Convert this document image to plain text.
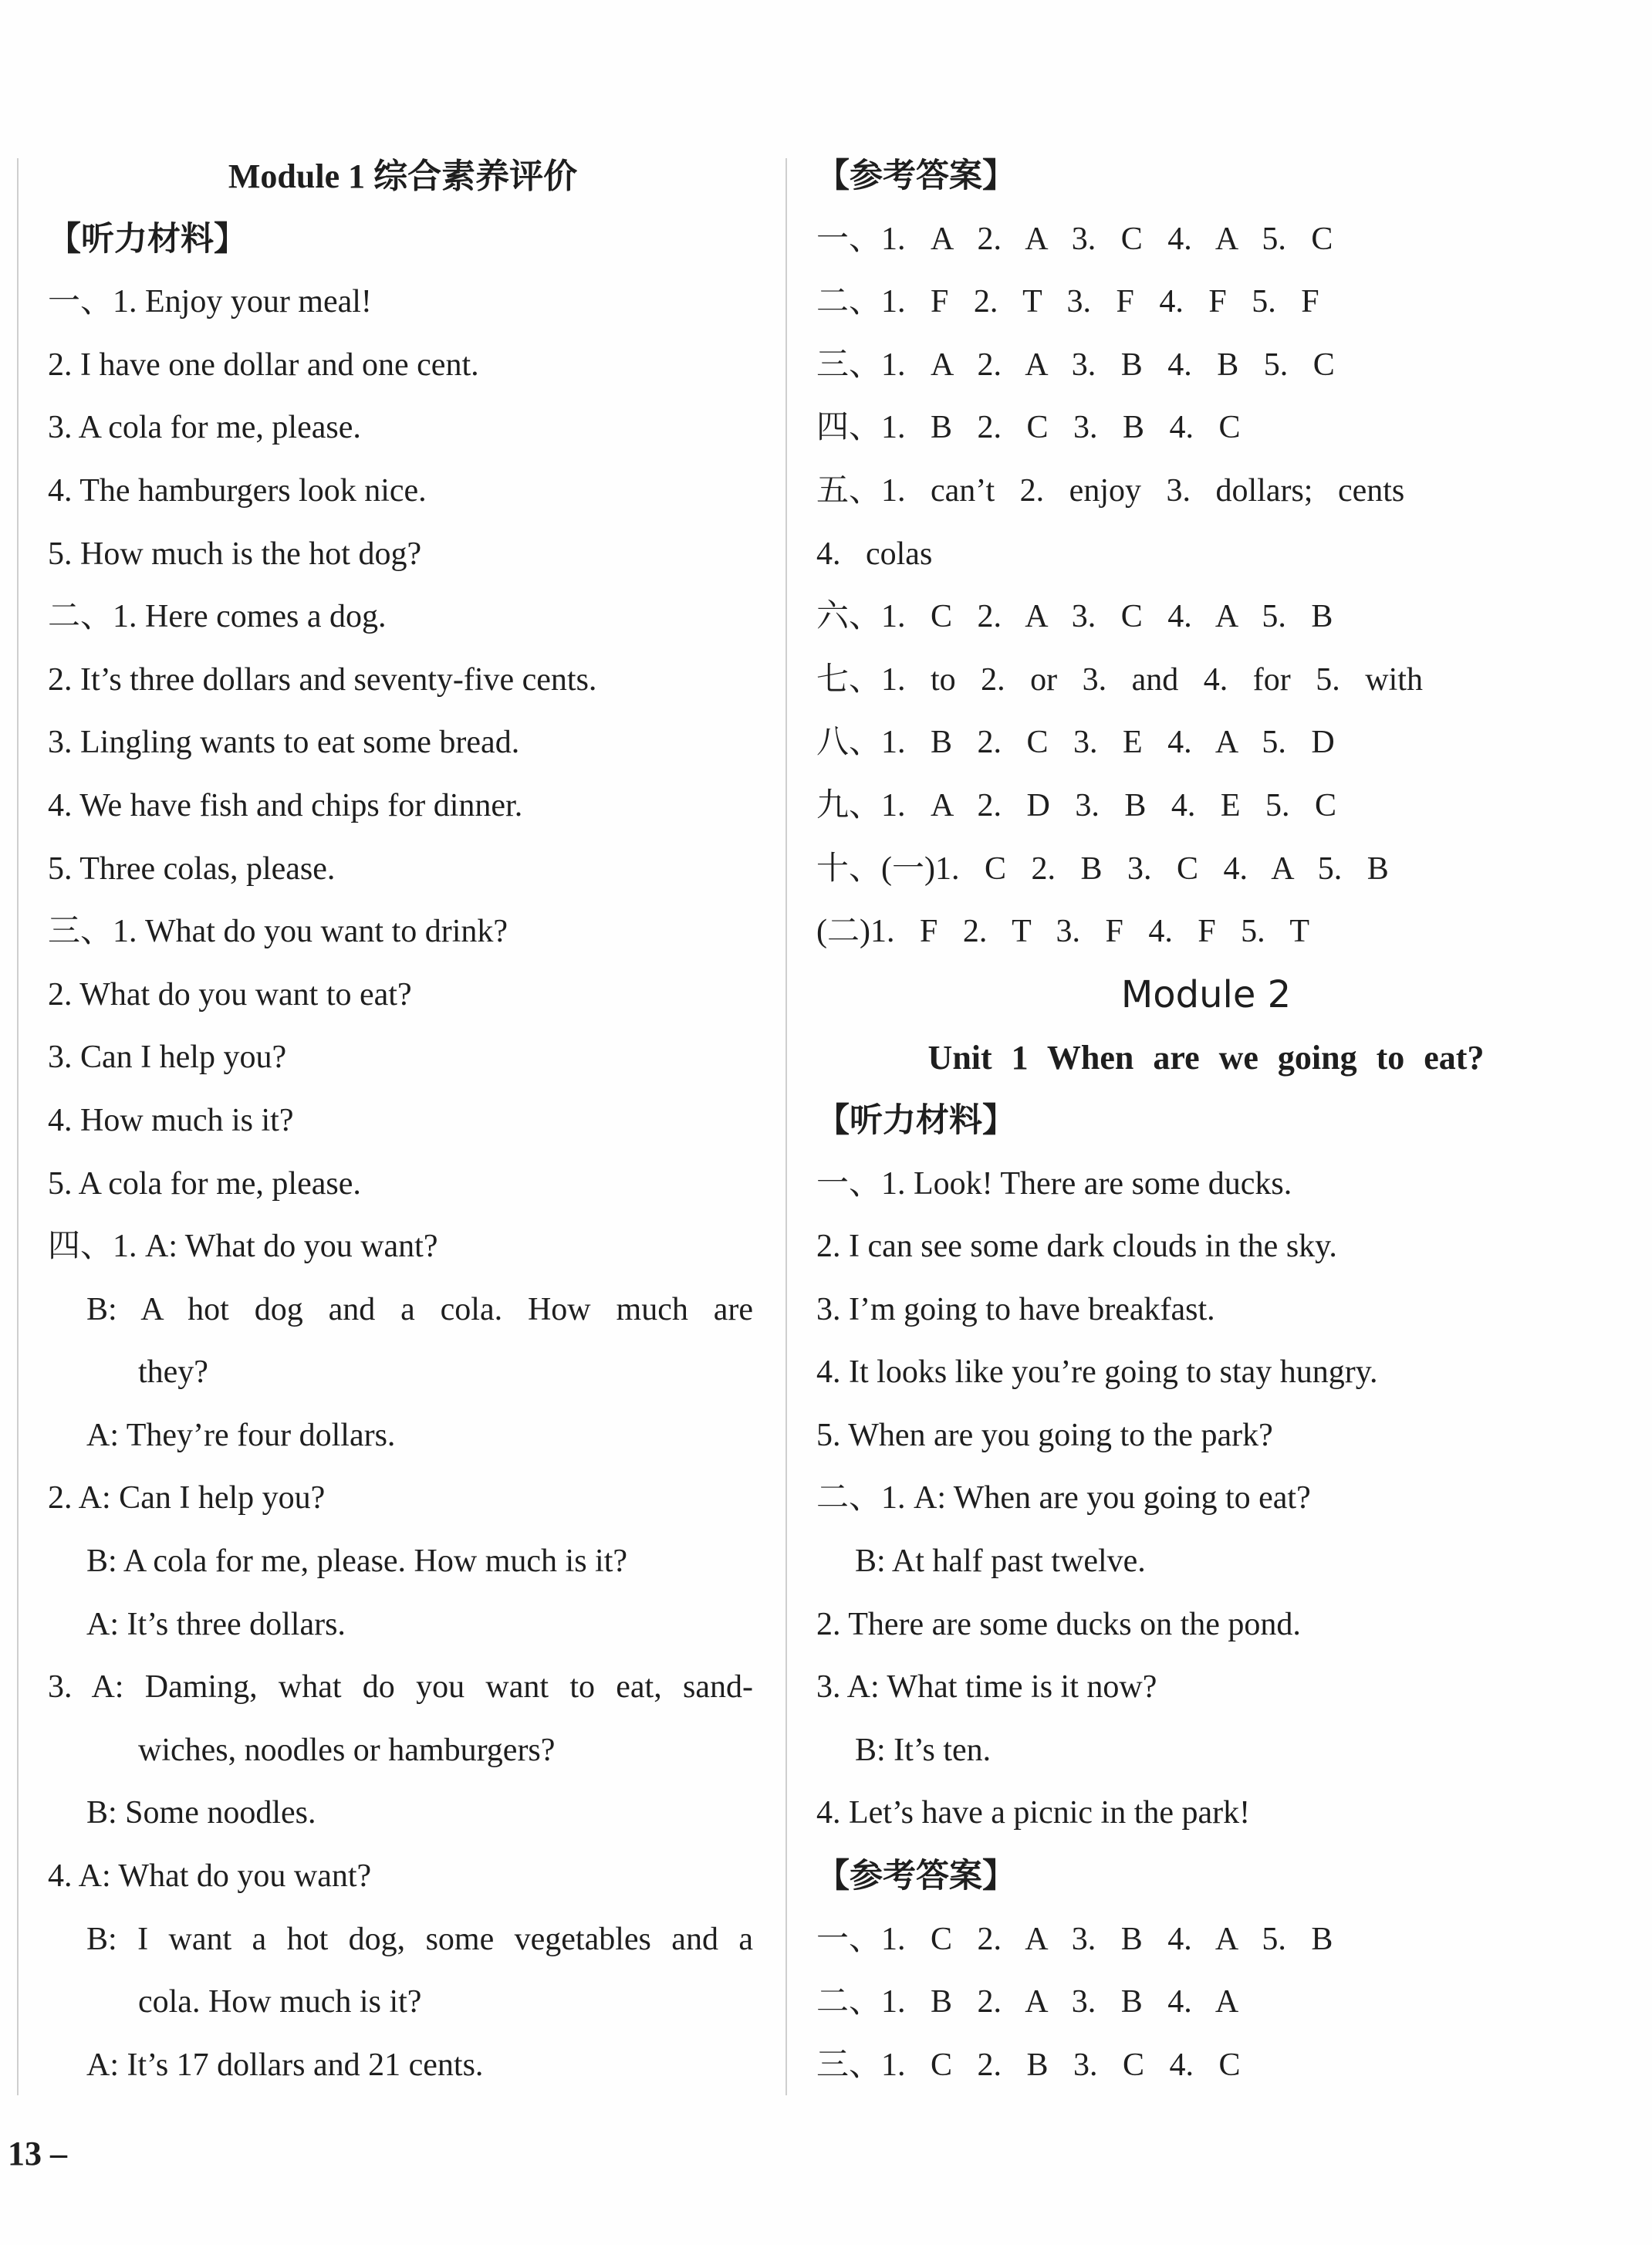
Module 1 综合素养评价
【听力材料】
一、1. Enjoy your meal!
2. I have one dollar and one cent.
3. A cola for me, please.
4. The hamburgers look nice.
5. How much is the hot dog?
二、1. Here comes a dog.
2. It’s three dollars and seventy-five cents.
3. Lingling wants to eat some bread.
4. We have fish and chips for dinner.
5. Three colas, please.
三、1. What do you want to drink?
2. What do you want to eat?
3. Can I help you?
4. How much is it?
5. A cola for me, please.
四、1. A: What do you want?
B: A hot dog and a cola. How much are
they?
A: They’re four dollars.
2. A: Can I help you?
B: A cola for me, please. How much is it?
A: It’s three dollars.
3. A: Daming, what do you want to eat, sand-
wiches, noodles or hamburgers?
B: Some noodles.
4. A: What do you want?
B: I want a hot dog, some vegetables and a
cola. How much is it?
A: It’s 17 dollars and 21 cents.
【参考答案】
一、1. A 2. A 3. C 4. A 5. C
二、1. F 2. T 3. F 4. F 5. F
三、1. A 2. A 3. B 4. B 5. C
四、1. B 2. C 3. B 4. C
五、1. can’t 2. enjoy 3. dollars; cents
4. colas
六、1. C 2. A 3. C 4. A 5. B
七、1. to 2. or 3. and 4. for 5. with
八、1. B 2. C 3. E 4. A 5. D
九、1. A 2. D 3. B 4. E 5. C
十、(一)1. C 2. B 3. C 4. A 5. B
(二)1. F 2. T 3. F 4. F 5. T
Module 2
Unit 1 When are we going to eat?
【听力材料】
一、1. Look! There are some ducks.
2. I can see some dark clouds in the sky.
3. I’m going to have breakfast.
4. It looks like you’re going to stay hungry.
5. When are you going to the park?
二、1. A: When are you going to eat?
B: At half past twelve.
2. There are some ducks on the pond.
3. A: What time is it now?
B: It’s ten.
4. Let’s have a picnic in the park!
【参考答案】
一、1. C 2. A 3. B 4. A 5. B
二、1. B 2. A 3. B 4. A
三、1. C 2. B 3. C 4. C
13 –
